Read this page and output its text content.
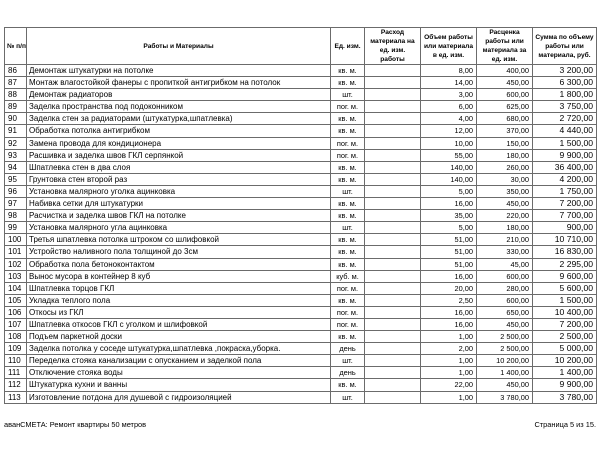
№ п/п	Работы и Материалы	Ед. изм.	Расход материала на ед. изм. работы	Объем работы или материала в ед. изм.	Расценка работы или материала за ед. изм.	Сумма по объему работы или материала, руб.
86	Демонтаж штукатурки на потолке	кв. м.		8,00	400,00	3 200,00
87	Монтаж влагостойкой фанеры с пропиткой антигрибком на потолок	кв. м.		14,00	450,00	6 300,00
88	Демонтаж радиаторов	шт.		3,00	600,00	1 800,00
89	Заделка пространства под подоконником	пог. м.		6,00	625,00	3 750,00
90	Заделка стен за радиаторами (штукатурка,шпатлевка)	кв. м.		4,00	680,00	2 720,00
91	Обработка потолка антигрибком	кв. м.		12,00	370,00	4 440,00
92	Замена провода для кондиционера	пог. м.		10,00	150,00	1 500,00
93	Расшивка и заделка швов ГКЛ серпянкой	пог. м.		55,00	180,00	9 900,00
94	Шпатлевка стен в два слоя	кв. м.		140,00	260,00	36 400,00
95	Грунтовка стен второй раз	кв. м.		140,00	30,00	4 200,00
96	Установка малярного уголка ацинковка	шт.		5,00	350,00	1 750,00
97	Набивка сетки для штукатурки	кв. м.		16,00	450,00	7 200,00
98	Расчистка и заделка швов ГКЛ на потолке	кв. м.		35,00	220,00	7 700,00
99	Установка малярного угла ацинковка	шт.		5,00	180,00	900,00
100	Третья шпатлевка потолка штроком со шлифовкой	кв. м.		51,00	210,00	10 710,00
101	Устройство наливного пола толщиной до 3см	кв. м.		51,00	330,00	16 830,00
102	Обработка пола бетоноконтактом	кв. м.		51,00	45,00	2 295,00
103	Вынос мусора в контейнер 8 куб	куб. м.		16,00	600,00	9 600,00
104	Шпатлевка торцов ГКЛ	пог. м.		20,00	280,00	5 600,00
105	Укладка теплого пола	кв. м.		2,50	600,00	1 500,00
106	Откосы из ГКЛ	пог. м.		16,00	650,00	10 400,00
107	Шпатлевка откосов ГКЛ с уголком и шлифовкой	пог. м.		16,00	450,00	7 200,00
108	Подъем паркетной доски	кв. м.		1,00	2 500,00	2 500,00
109	Заделка потолка у соседе штукатурка,шпатлевка ,покраска,уборка.	день		2,00	2 500,00	5 000,00
110	Переделка стояка канализации с опусканием и заделкой пола	шт.		1,00	10 200,00	10 200,00
111	Отключение стояка воды	день		1,00	1 400,00	1 400,00
112	Штукатурка кухни и ванны	кв. м.		22,00	450,00	9 900,00
113	Изготовление потдона для душевой с гидроизоляцией	шт.		1,00	3 780,00	3 780,00
аванСМЕТА: Ремонт квартиры 50 метров	Страница 5 из 15.
